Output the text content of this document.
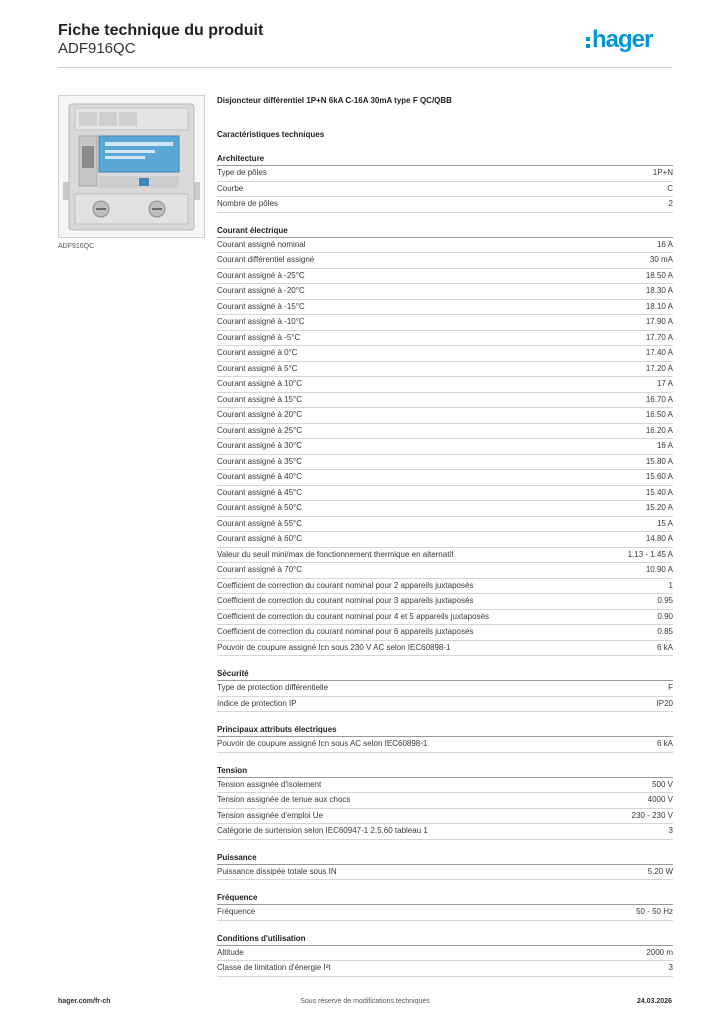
Fiche technique du produit
ADF916QC	hager
ADF916QC
Disjoncteur différentiel 1P+N 6kA C-16A 30mA type F QC/QBB
Caractéristiques techniques
Architecture
Type de pôles	1P+N
Courbe	C
Nombre de pôles	2
Courant électrique
Courant assigné nominal	16 A
Courant différentiel assigné	30 mA
Courant assigné à -25°C	18.50 A
Courant assigné à -20°C	18.30 A
Courant assigné à -15°C	18.10 A
Courant assigné à -10°C	17.90 A
Courant assigné à -5°C	17.70 A
Courant assigné à 0°C	17.40 A
Courant assigné à 5°C	17.20 A
Courant assigné à 10°C	17 A
Courant assigné à 15°C	16.70 A
Courant assigné à 20°C	16.50 A
Courant assigné à 25°C	16.20 A
Courant assigné à 30°C	16 A
Courant assigné à 35°C	15.80 A
Courant assigné à 40°C	15.60 A
Courant assigné à 45°C	15.40 A
Courant assigné à 50°C	15.20 A
Courant assigné à 55°C	15 A
Courant assigné à 60°C	14.80 A
Valeur du seuil mini/max de fonctionnement thermique en alternatif	1.13 - 1.45 A
Courant assigné à 70°C	10.90 A
Coefficient de correction du courant nominal pour 2 appareils juxtaposés	1
Coefficient de correction du courant nominal pour 3 appareils juxtaposés	0.95
Coefficient de correction du courant nominal pour 4 et 5 appareils juxtaposés	0.90
Coefficient de correction du courant nominal pour 6 appareils juxtaposés	0.85
Pouvoir de coupure assigné Icn sous 230 V AC selon IEC60898-1	6 kA
Sécurité
Type de protection différentielle	F
Indice de protection IP	IP20
Principaux attributs électriques
Pouvoir de coupure assigné Icn sous AC selon IEC60898-1	6 kA
Tension
Tension assignée d'isolement	500 V
Tension assignée de tenue aux chocs	4000 V
Tension assignée d'emploi Ue	230 - 230 V
Catégorie de surtension selon IEC60947-1 2.5.60 tableau 1	3
Puissance
Puissance dissipée totale sous IN	5.20 W
Fréquence
Fréquence	50 - 50 Hz
Conditions d'utilisation
Altitude	2000 m
Classe de limitation d'énergie I²t	3
hager.com/fr-ch	Sous réserve de modifications techniques	24.03.2026
